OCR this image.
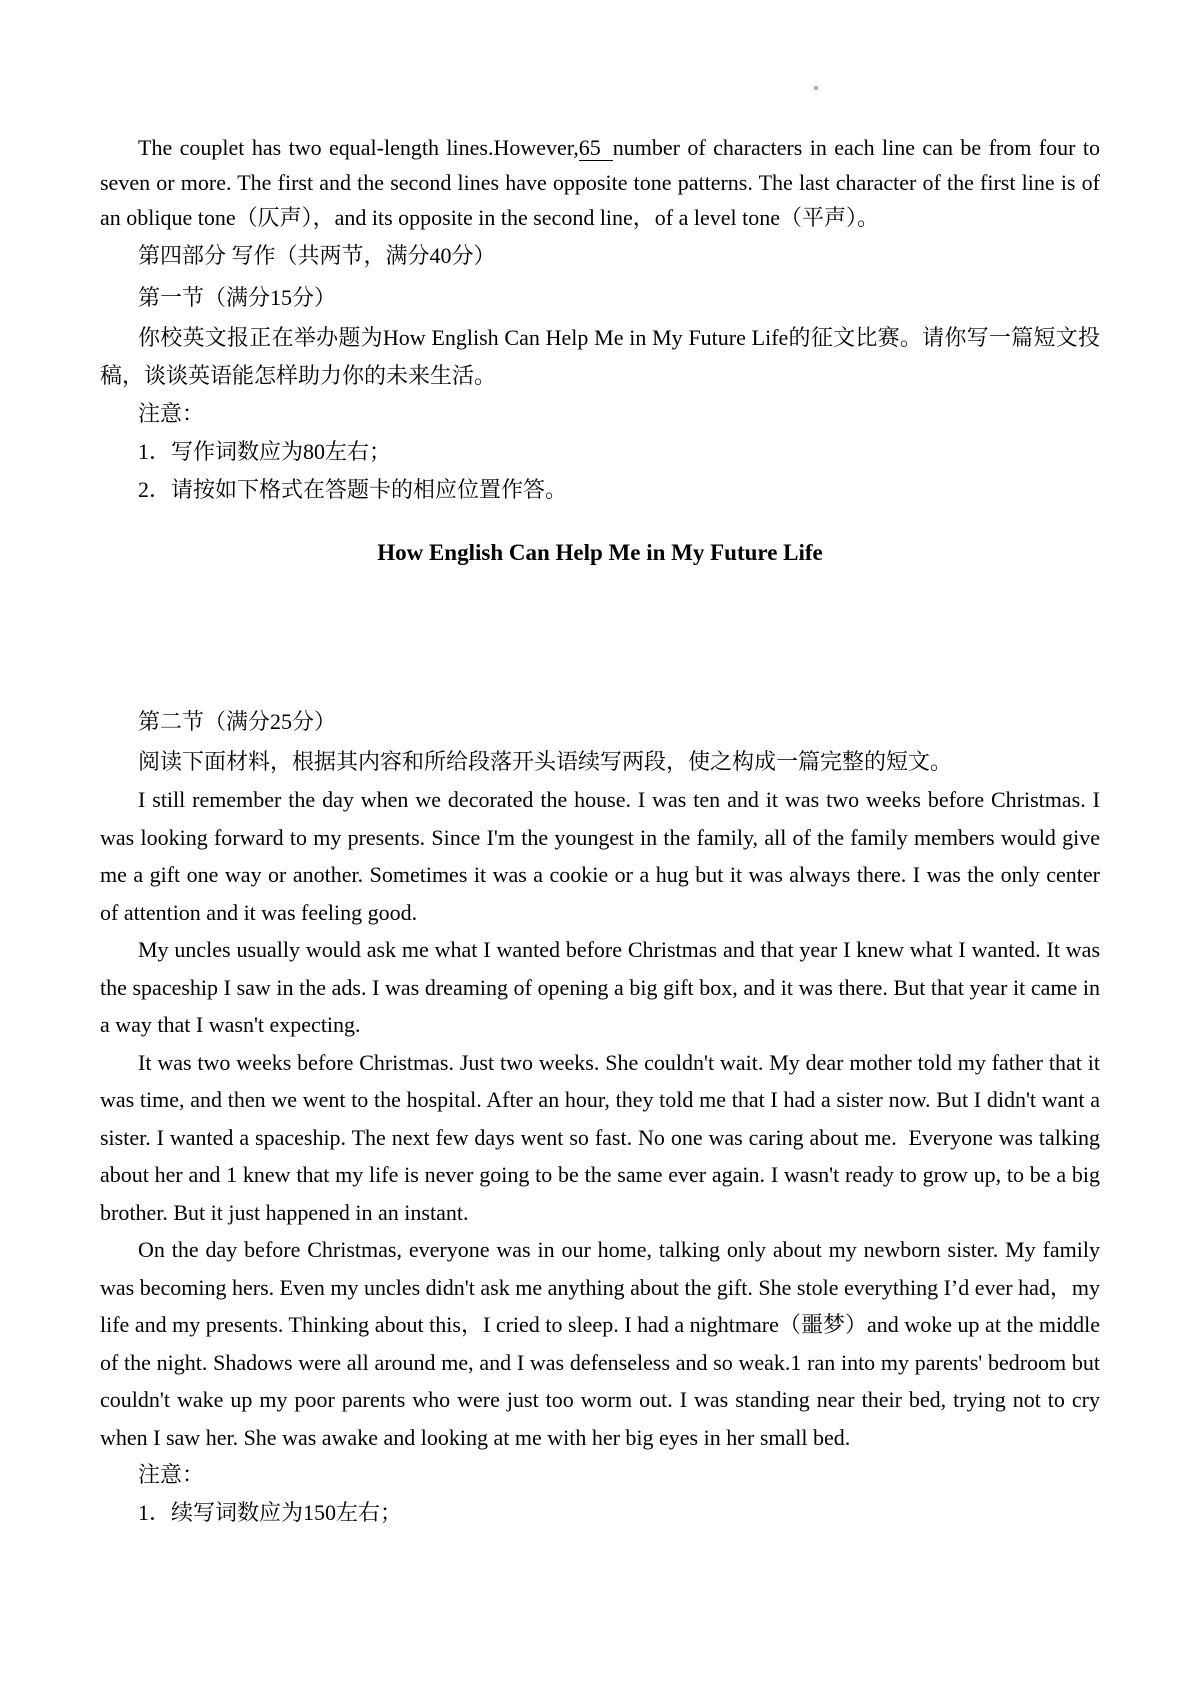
The couplet has two equal-length lines.However,65 number of characters in each line can be from four to seven or more. The first and the second lines have opposite tone patterns. The last character of the first line is of an oblique tone（仄声），and its opposite in the second line，of a level tone（平声）。

第四部分 写作（共两节，满分40分）
第一节（满分15分）

你校英文报正在举办题为How English Can Help Me in My Future Life的征文比赛。请你写一篇短文投稿，谈谈英语能怎样助力你的未来生活。

注意：
1．写作词数应为80左右；
2．请按如下格式在答题卡的相应位置作答。
How English Can Help Me in My Future Life
第二节（满分25分）
阅读下面材料，根据其内容和所给段落开头语续写两段，使之构成一篇完整的短文。

I still remember the day when we decorated the house. I was ten and it was two weeks before Christmas. I was looking forward to my presents. Since I'm the youngest in the family, all of the family members would give me a gift one way or another. Sometimes it was a cookie or a hug but it was always there. I was the only center of attention and it was feeling good.

My uncles usually would ask me what I wanted before Christmas and that year I knew what I wanted. It was the spaceship I saw in the ads. I was dreaming of opening a big gift box, and it was there. But that year it came in a way that I wasn't expecting.

It was two weeks before Christmas. Just two weeks. She couldn't wait. My dear mother told my father that it was time, and then we went to the hospital. After an hour, they told me that I had a sister now. But I didn't want a sister. I wanted a spaceship. The next few days went so fast. No one was caring about me.  Everyone was talking about her and 1 knew that my life is never going to be the same ever again. I wasn't ready to grow up, to be a big brother. But it just happened in an instant.

On the day before Christmas, everyone was in our home, talking only about my newborn sister. My family was becoming hers. Even my uncles didn't ask me anything about the gift. She stole everything I’d ever had，my life and my presents. Thinking about this，I cried to sleep. I had a nightmare（噩梦）and woke up at the middle of the night. Shadows were all around me, and I was defenseless and so weak.1 ran into my parents' bedroom but couldn't wake up my poor parents who were just too worm out. I was standing near their bed, trying not to cry when I saw her. She was awake and looking at me with her big eyes in her small bed.

注意：
1．续写词数应为150左右；
